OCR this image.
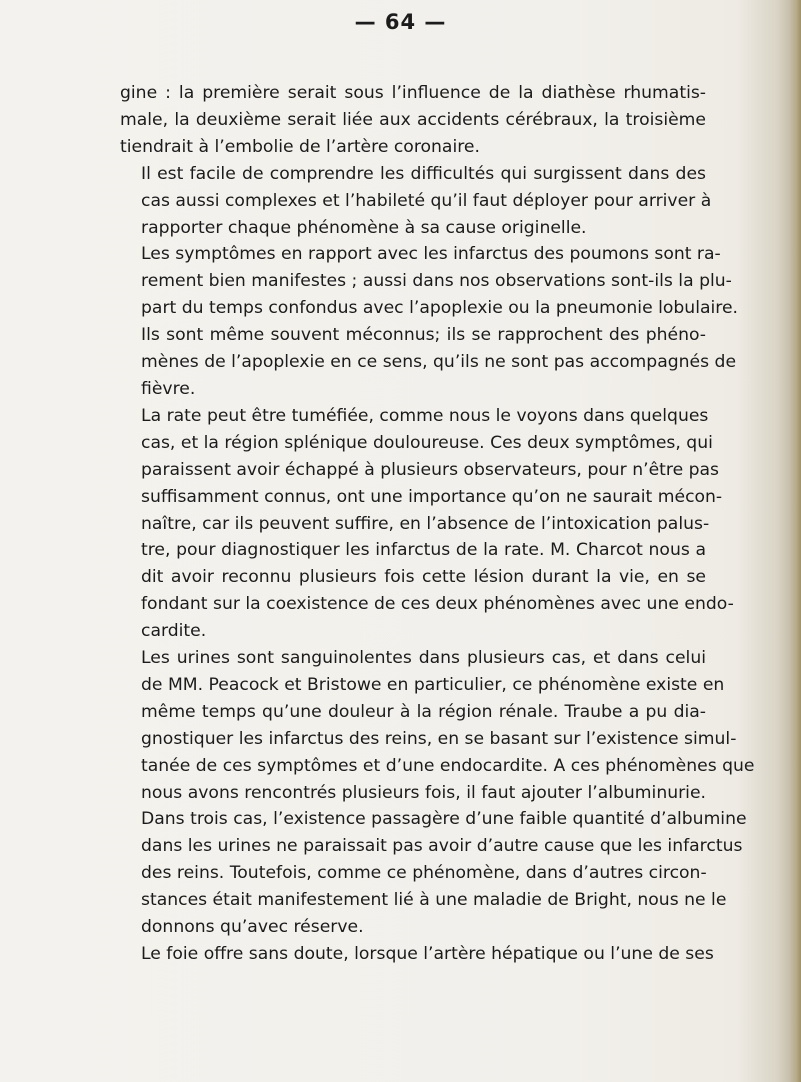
— 64 —

gine : la première serait sous l’influence de la diathèse rhumatis-
male, la deuxième serait liée aux accidents cérébraux, la troisième
tiendrait à l’embolie de l’artère coronaire.

Il est facile de comprendre les difficultés qui surgissent dans des
cas aussi complexes et l’habileté qu’il faut déployer pour arriver à
rapporter chaque phénomène à sa cause originelle.

Les symptômes en rapport avec les infarctus des poumons sont ra-
rement bien manifestes ; aussi dans nos observations sont-ils la plu-
part du temps confondus avec l’apoplexie ou la pneumonie lobulaire.
Ils sont même souvent méconnus; ils se rapprochent des phéno-
mènes de l’apoplexie en ce sens, qu’ils ne sont pas accompagnés de
fièvre.

La rate peut être tuméfiée, comme nous le voyons dans quelques
cas, et la région splénique douloureuse. Ces deux symptômes, qui
paraissent avoir échappé à plusieurs observateurs, pour n’être pas
suffisamment connus, ont une importance qu’on ne saurait mécon-
naître, car ils peuvent suffire, en l’absence de l’intoxication palus-
tre, pour diagnostiquer les infarctus de la rate. M. Charcot nous a
dit avoir reconnu plusieurs fois cette lésion durant la vie, en se
fondant sur la coexistence de ces deux phénomènes avec une endo-
cardite.

Les urines sont sanguinolentes dans plusieurs cas, et dans celui
de MM. Peacock et Bristowe en particulier, ce phénomène existe en
même temps qu’une douleur à la région rénale. Traube a pu dia-
gnostiquer les infarctus des reins, en se basant sur l’existence simul-
tanée de ces symptômes et d’une endocardite. A ces phénomènes que
nous avons rencontrés plusieurs fois, il faut ajouter l’albuminurie.
Dans trois cas, l’existence passagère d’une faible quantité d’albumine
dans les urines ne paraissait pas avoir d’autre cause que les infarctus
des reins. Toutefois, comme ce phénomène, dans d’autres circon-
stances était manifestement lié à une maladie de Bright, nous ne le
donnons qu’avec réserve.

Le foie offre sans doute, lorsque l’artère hépatique ou l’une de ses
